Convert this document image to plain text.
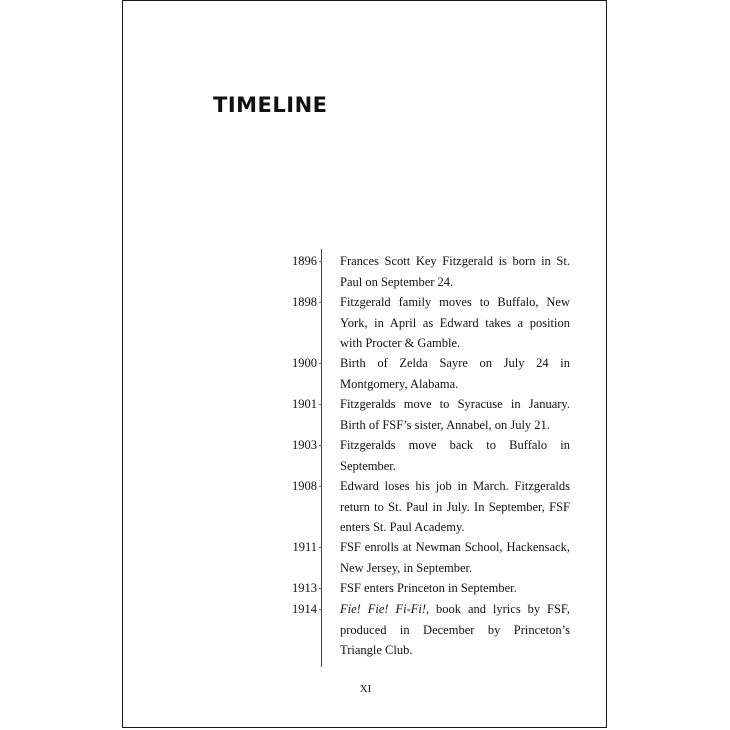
TIMELINE
1896 Frances Scott Key Fitzgerald is born in St. Paul on September 24.
1898 Fitzgerald family moves to Buffalo, New York, in April as Edward takes a position with Procter & Gamble.
1900 Birth of Zelda Sayre on July 24 in Montgomery, Alabama.
1901 Fitzgeralds move to Syracuse in January. Birth of FSF’s sister, Annabel, on July 21.
1903 Fitzgeralds move back to Buffalo in September.
1908 Edward loses his job in March. Fitzgeralds return to St. Paul in July. In September, FSF enters St. Paul Academy.
1911 FSF enrolls at Newman School, Hackensack, New Jersey, in September.
1913 FSF enters Princeton in September.
1914 Fie! Fie! Fi-Fi!, book and lyrics by FSF, produced in December by Princeton’s Triangle Club.
XI
